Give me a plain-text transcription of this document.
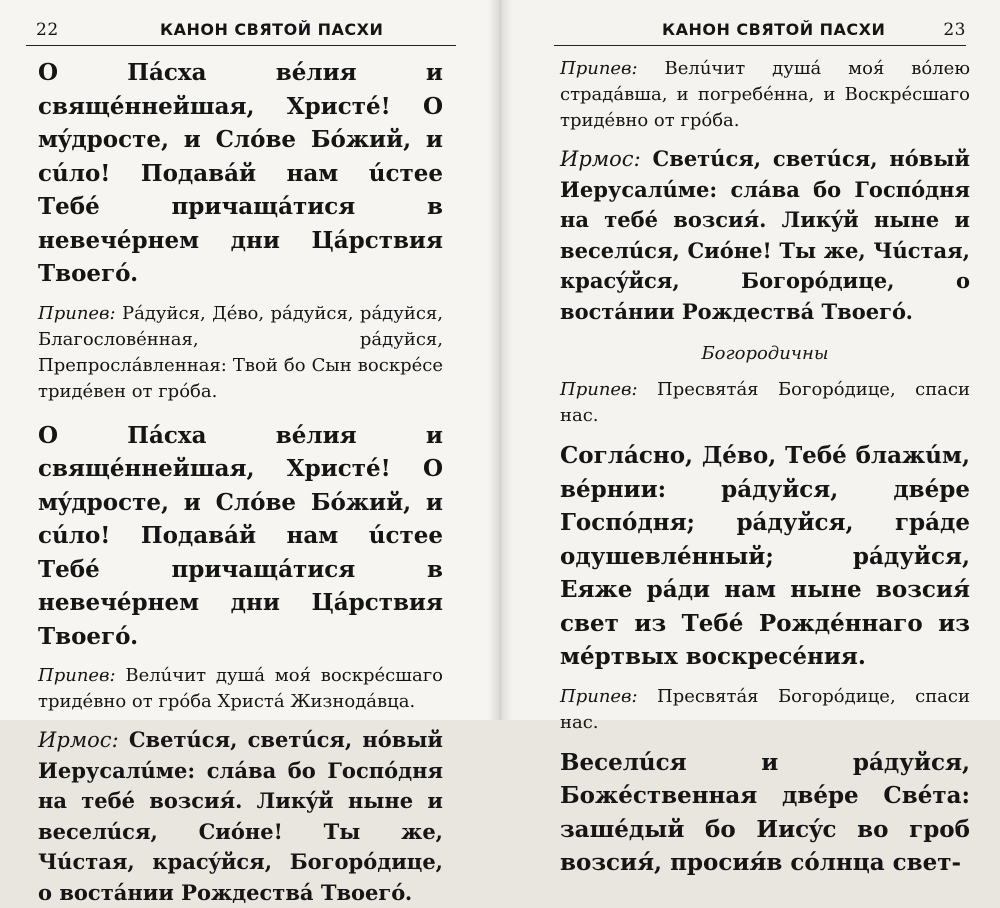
22	КАНОН СВЯТОЙ ПАСХИ

О Пáсха вéлия и свящéннейшая, Христé! О мýдросте, и Слóве Бóжий, и сúло! Подавáй нам úстее Тебé причащáтися в невечéрнем дни Цáрствия Твоегó.

Припев: Рáдуйся, Дéво, рáдуйся, рáдуйся, Благословéнная, рáдуйся, Препрослáвленная: Твой бо Сын воскрéсе тридéвен от грóба.

О Пáсха вéлия и свящéннейшая, Христé! О мýдросте, и Слóве Бóжий, и сúло! Подавáй нам úстее Тебé причащáтися в невечéрнем дни Цáрствия Твоегó.

Припев: Велúчит душá моя́ воскрéсшаго тридéвно от грóба Христá Жизнодáвца.

Ирмос: Светúся, светúся, нóвый Иерусалúме: слáва бо Госпóдня на тебé возсия́. Ликýй нынe и веселúся, Сиóне! Ты же, Чúстая, красýйся, Богорóдице, о востáнии Рождествá Твоегó.

КАНОН СВЯТОЙ ПАСХИ	23

Припев: Велúчит душá моя́ вóлею страдáвша, и погребéнна, и Воскрéсшаго тридéвно от грóба.

Ирмос: Светúся, светúся, нóвый Иерусалúме: слáва бо Госпóдня на тебé возсия́. Ликýй нынe и веселúся, Сиóне! Ты же, Чúстая, красýйся, Богорóдице, о востáнии Рождествá Твоегó.

Богородичны

Припев: Пресвятáя Богорóдице, спаси нас.

Соглáсно, Дéво, Тебé блажúм, вéрнии: рáдуйся, двéре Госпóдня; рáдуйся, грáде одушевлéнный; рáдуйся, Еяжe рáди нам нынe возсия́ свет из Тебé Рождéннаго из мéртвых воскресéния.

Припев: Пресвятáя Богорóдице, спаси нас.

Веселúся и рáдуйся, Божéственная двéре Свéта: зашéдый бо Иисýс во гроб возсия́, просия́в сóлнца свет-
